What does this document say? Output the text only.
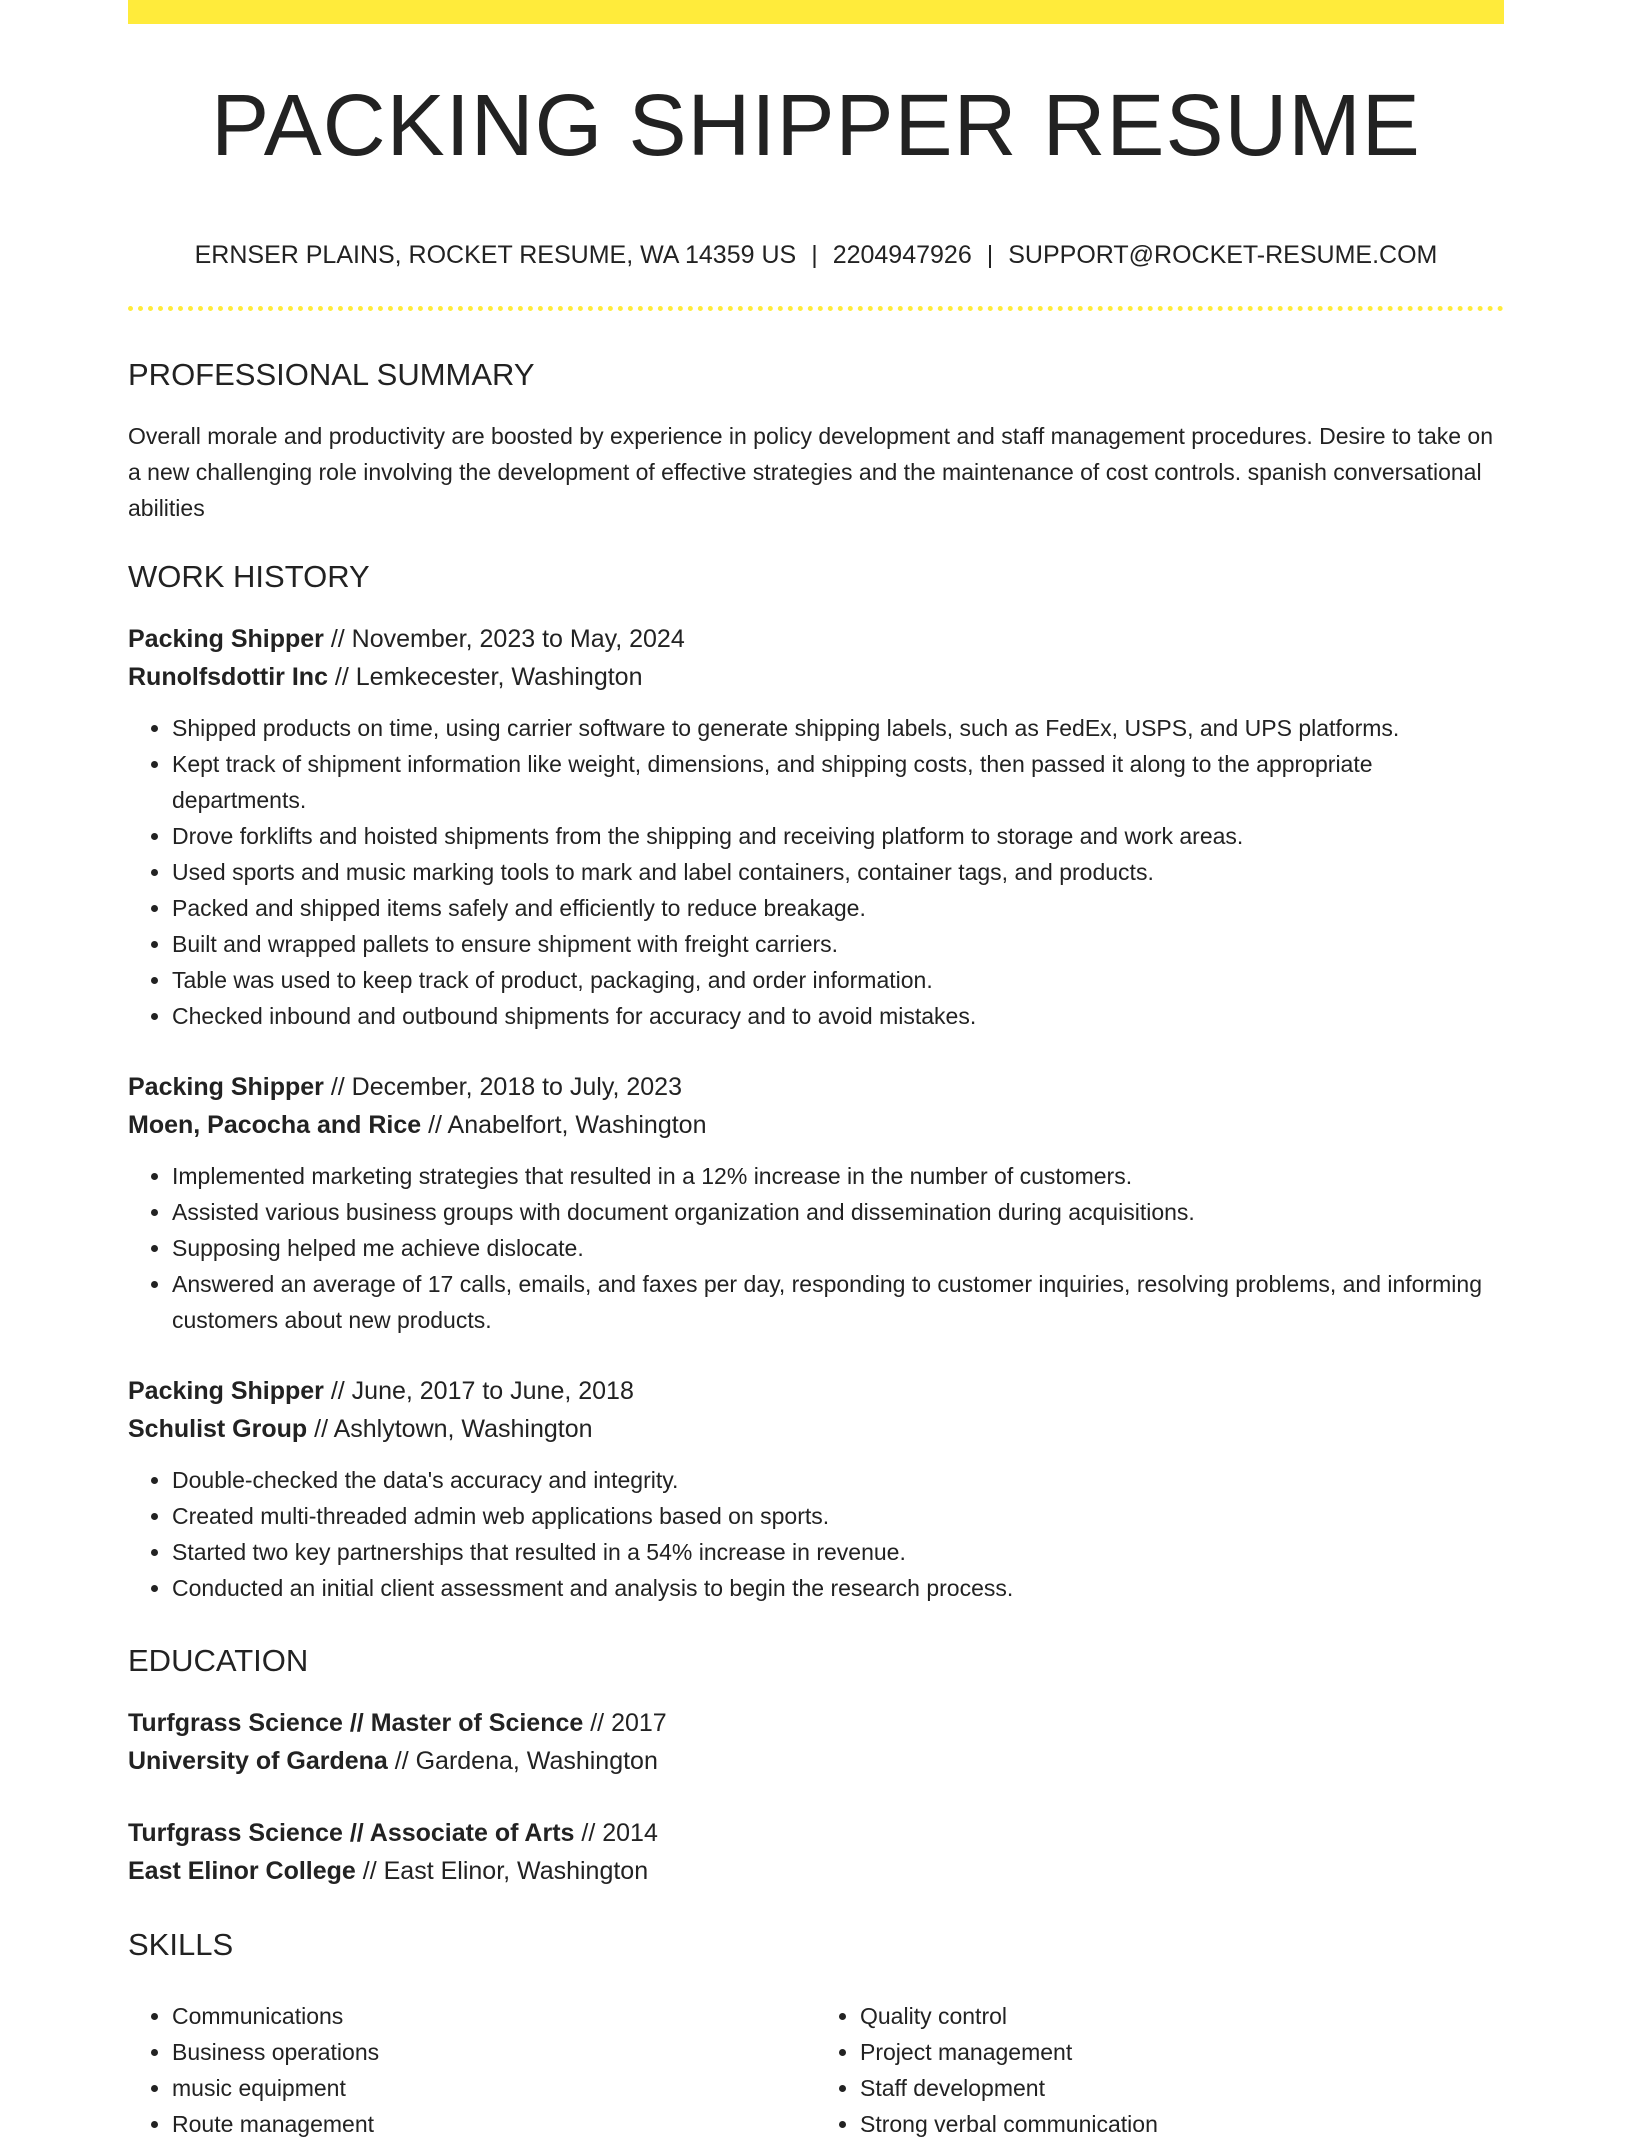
PACKING SHIPPER RESUME
ERNSER PLAINS, ROCKET RESUME, WA 14359 US | 2204947926 | SUPPORT@ROCKET-RESUME.COM
PROFESSIONAL SUMMARY

Overall morale and productivity are boosted by experience in policy development and staff management procedures. Desire to take on a new challenging role involving the development of effective strategies and the maintenance of cost controls. spanish conversational abilities

WORK HISTORY
Packing Shipper // November, 2023 to May, 2024
Runolfsdottir Inc // Lemkecester, Washington
• Shipped products on time, using carrier software to generate shipping labels, such as FedEx, USPS, and UPS platforms.
• Kept track of shipment information like weight, dimensions, and shipping costs, then passed it along to the appropriate departments.
• Drove forklifts and hoisted shipments from the shipping and receiving platform to storage and work areas.
• Used sports and music marking tools to mark and label containers, container tags, and products.
• Packed and shipped items safely and efficiently to reduce breakage.
• Built and wrapped pallets to ensure shipment with freight carriers.
• Table was used to keep track of product, packaging, and order information.
• Checked inbound and outbound shipments for accuracy and to avoid mistakes.
Packing Shipper // December, 2018 to July, 2023
Moen, Pacocha and Rice // Anabelfort, Washington
• Implemented marketing strategies that resulted in a 12% increase in the number of customers.
• Assisted various business groups with document organization and dissemination during acquisitions.
• Supposing helped me achieve dislocate.
• Answered an average of 17 calls, emails, and faxes per day, responding to customer inquiries, resolving problems, and informing customers about new products.
Packing Shipper // June, 2017 to June, 2018
Schulist Group // Ashlytown, Washington
• Double-checked the data's accuracy and integrity.
• Created multi-threaded admin web applications based on sports.
• Started two key partnerships that resulted in a 54% increase in revenue.
• Conducted an initial client assessment and analysis to begin the research process.
EDUCATION
Turfgrass Science // Master of Science // 2017
University of Gardena // Gardena, Washington
Turfgrass Science // Associate of Arts // 2014
East Elinor College // East Elinor, Washington
SKILLS
• Communications
• Business operations
• music equipment
• Route management
• Quality control
• Project management
• Staff development
• Strong verbal communication
